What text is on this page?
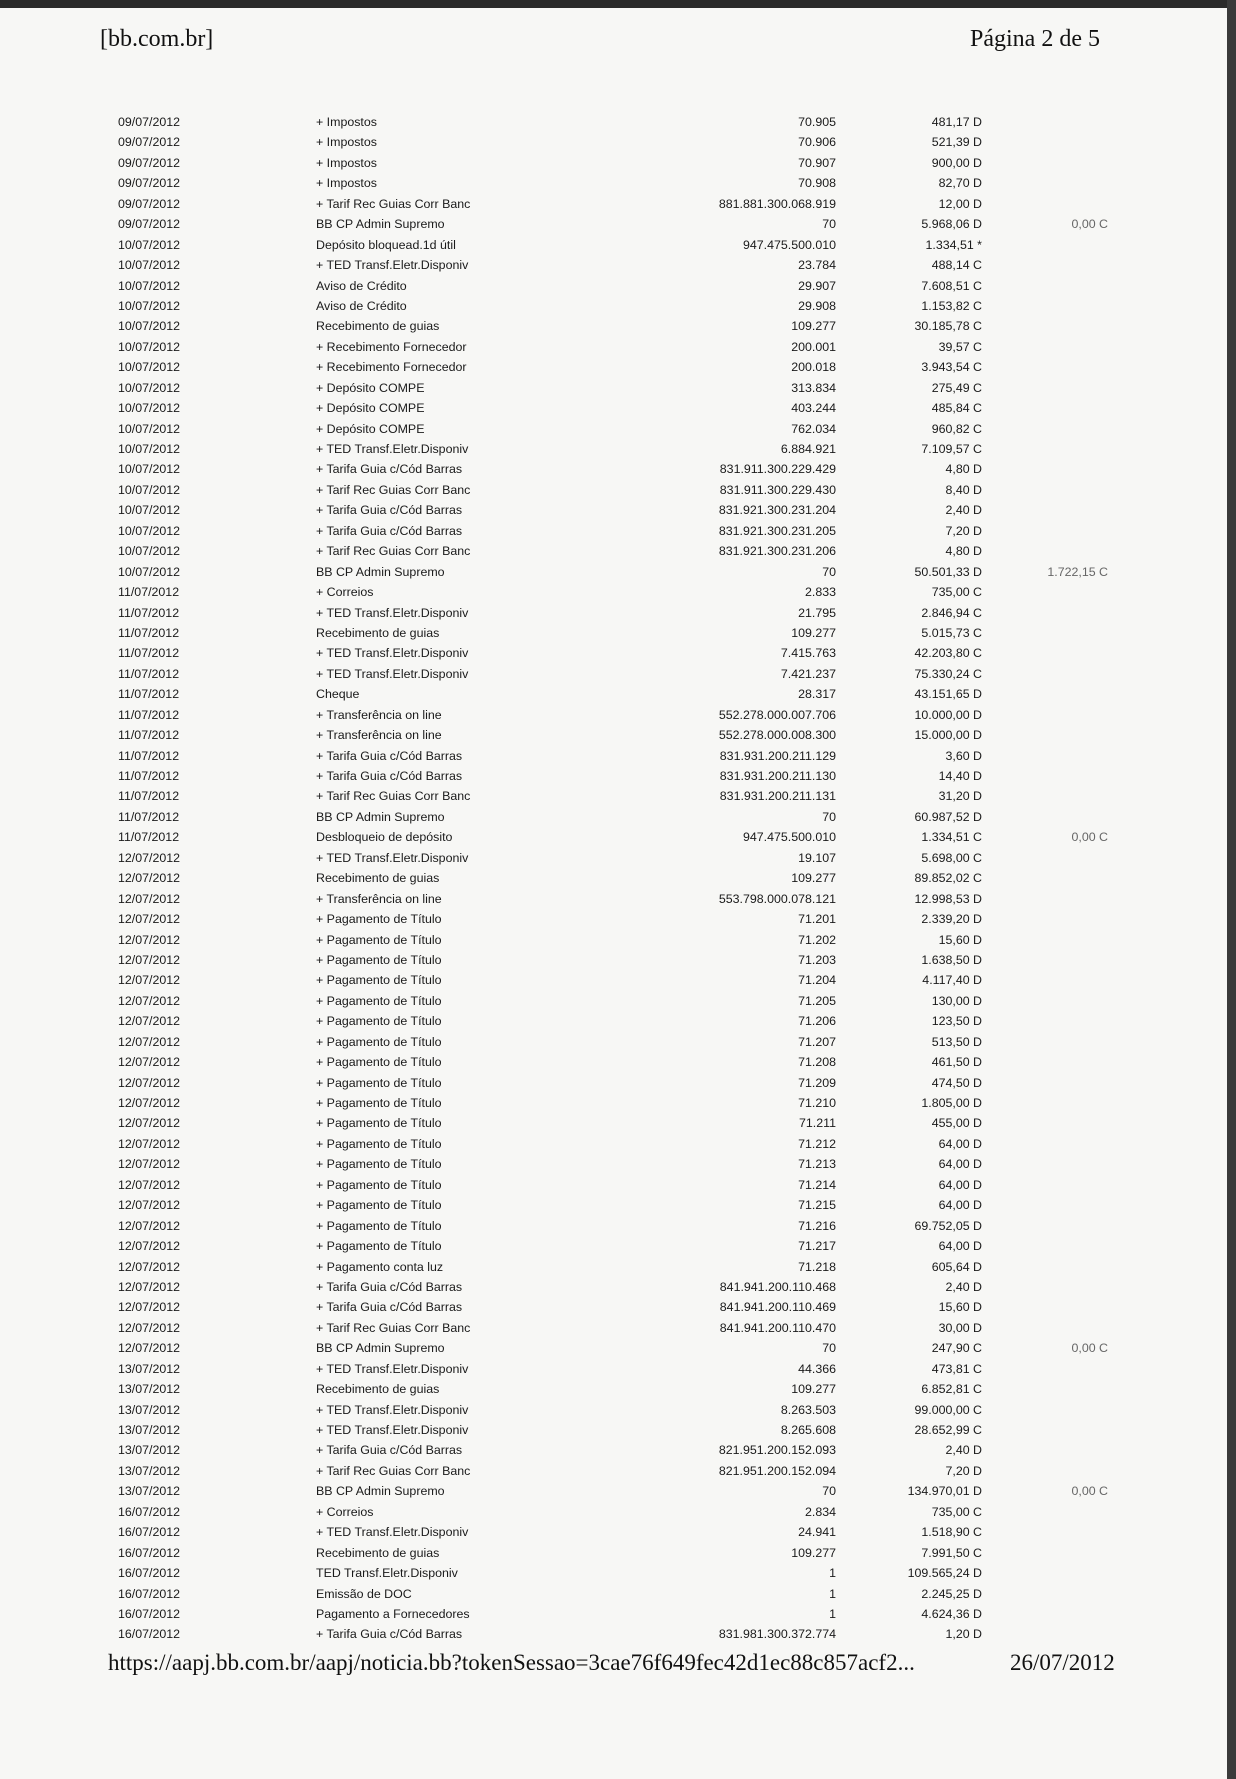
[bb.com.br]	Página 2 de 5
09/07/2012	+ Impostos	70.905	481,17 D
09/07/2012	+ Impostos	70.906	521,39 D
09/07/2012	+ Impostos	70.907	900,00 D
09/07/2012	+ Impostos	70.908	82,70 D
09/07/2012	+ Tarif Rec Guias Corr Banc	881.881.300.068.919	12,00 D
09/07/2012	BB CP Admin Supremo	70	5.968,06 D	0,00 C
10/07/2012	Depósito bloquead.1d útil	947.475.500.010	1.334,51 *
10/07/2012	+ TED Transf.Eletr.Disponiv	23.784	488,14 C
10/07/2012	Aviso de Crédito	29.907	7.608,51 C
10/07/2012	Aviso de Crédito	29.908	1.153,82 C
10/07/2012	Recebimento de guias	109.277	30.185,78 C
10/07/2012	+ Recebimento Fornecedor	200.001	39,57 C
10/07/2012	+ Recebimento Fornecedor	200.018	3.943,54 C
10/07/2012	+ Depósito COMPE	313.834	275,49 C
10/07/2012	+ Depósito COMPE	403.244	485,84 C
10/07/2012	+ Depósito COMPE	762.034	960,82 C
10/07/2012	+ TED Transf.Eletr.Disponiv	6.884.921	7.109,57 C
10/07/2012	+ Tarifa Guia c/Cód Barras	831.911.300.229.429	4,80 D
10/07/2012	+ Tarif Rec Guias Corr Banc	831.911.300.229.430	8,40 D
10/07/2012	+ Tarifa Guia c/Cód Barras	831.921.300.231.204	2,40 D
10/07/2012	+ Tarifa Guia c/Cód Barras	831.921.300.231.205	7,20 D
10/07/2012	+ Tarif Rec Guias Corr Banc	831.921.300.231.206	4,80 D
10/07/2012	BB CP Admin Supremo	70	50.501,33 D	1.722,15 C
11/07/2012	+ Correios	2.833	735,00 C
11/07/2012	+ TED Transf.Eletr.Disponiv	21.795	2.846,94 C
11/07/2012	Recebimento de guias	109.277	5.015,73 C
11/07/2012	+ TED Transf.Eletr.Disponiv	7.415.763	42.203,80 C
11/07/2012	+ TED Transf.Eletr.Disponiv	7.421.237	75.330,24 C
11/07/2012	Cheque	28.317	43.151,65 D
11/07/2012	+ Transferência on line	552.278.000.007.706	10.000,00 D
11/07/2012	+ Transferência on line	552.278.000.008.300	15.000,00 D
11/07/2012	+ Tarifa Guia c/Cód Barras	831.931.200.211.129	3,60 D
11/07/2012	+ Tarifa Guia c/Cód Barras	831.931.200.211.130	14,40 D
11/07/2012	+ Tarif Rec Guias Corr Banc	831.931.200.211.131	31,20 D
11/07/2012	BB CP Admin Supremo	70	60.987,52 D
11/07/2012	Desbloqueio de depósito	947.475.500.010	1.334,51 C	0,00 C
12/07/2012	+ TED Transf.Eletr.Disponiv	19.107	5.698,00 C
12/07/2012	Recebimento de guias	109.277	89.852,02 C
12/07/2012	+ Transferência on line	553.798.000.078.121	12.998,53 D
12/07/2012	+ Pagamento de Título	71.201	2.339,20 D
12/07/2012	+ Pagamento de Título	71.202	15,60 D
12/07/2012	+ Pagamento de Título	71.203	1.638,50 D
12/07/2012	+ Pagamento de Título	71.204	4.117,40 D
12/07/2012	+ Pagamento de Título	71.205	130,00 D
12/07/2012	+ Pagamento de Título	71.206	123,50 D
12/07/2012	+ Pagamento de Título	71.207	513,50 D
12/07/2012	+ Pagamento de Título	71.208	461,50 D
12/07/2012	+ Pagamento de Título	71.209	474,50 D
12/07/2012	+ Pagamento de Título	71.210	1.805,00 D
12/07/2012	+ Pagamento de Título	71.211	455,00 D
12/07/2012	+ Pagamento de Título	71.212	64,00 D
12/07/2012	+ Pagamento de Título	71.213	64,00 D
12/07/2012	+ Pagamento de Título	71.214	64,00 D
12/07/2012	+ Pagamento de Título	71.215	64,00 D
12/07/2012	+ Pagamento de Título	71.216	69.752,05 D
12/07/2012	+ Pagamento de Título	71.217	64,00 D
12/07/2012	+ Pagamento conta luz	71.218	605,64 D
12/07/2012	+ Tarifa Guia c/Cód Barras	841.941.200.110.468	2,40 D
12/07/2012	+ Tarifa Guia c/Cód Barras	841.941.200.110.469	15,60 D
12/07/2012	+ Tarif Rec Guias Corr Banc	841.941.200.110.470	30,00 D
12/07/2012	BB CP Admin Supremo	70	247,90 C	0,00 C
13/07/2012	+ TED Transf.Eletr.Disponiv	44.366	473,81 C
13/07/2012	Recebimento de guias	109.277	6.852,81 C
13/07/2012	+ TED Transf.Eletr.Disponiv	8.263.503	99.000,00 C
13/07/2012	+ TED Transf.Eletr.Disponiv	8.265.608	28.652,99 C
13/07/2012	+ Tarifa Guia c/Cód Barras	821.951.200.152.093	2,40 D
13/07/2012	+ Tarif Rec Guias Corr Banc	821.951.200.152.094	7,20 D
13/07/2012	BB CP Admin Supremo	70	134.970,01 D	0,00 C
16/07/2012	+ Correios	2.834	735,00 C
16/07/2012	+ TED Transf.Eletr.Disponiv	24.941	1.518,90 C
16/07/2012	Recebimento de guias	109.277	7.991,50 C
16/07/2012	TED Transf.Eletr.Disponiv	1	109.565,24 D
16/07/2012	Emissão de DOC	1	2.245,25 D
16/07/2012	Pagamento a Fornecedores	1	4.624,36 D
16/07/2012	+ Tarifa Guia c/Cód Barras	831.981.300.372.774	1,20 D
https://aapj.bb.com.br/aapj/noticia.bb?tokenSessao=3cae76f649fec42d1ec88c857acf2...	26/07/2012
